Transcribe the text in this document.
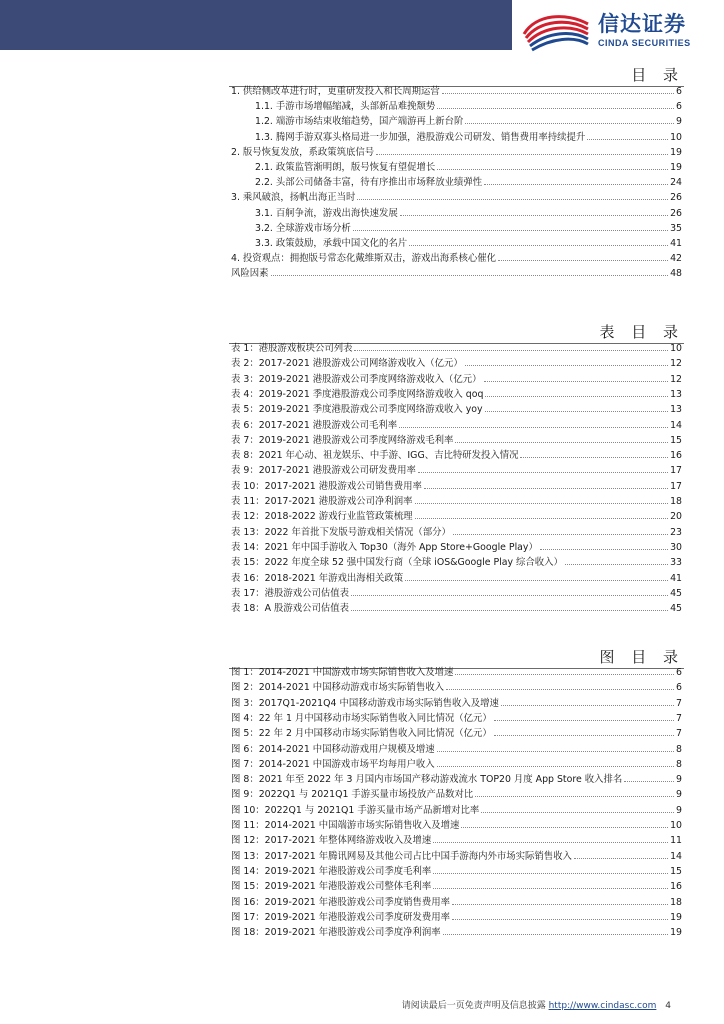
信达证券
CINDA SECURITIES
目 录
1. 供给侧改革进行时，更重研发投入和长周期运营	6
1.1. 手游市场增幅缩减，头部新品难挽颓势	6
1.2. 端游市场结束收缩趋势，国产端游再上新台阶	9
1.3. 腾网手游双寡头格局进一步加强，港股游戏公司研发、销售费用率持续提升	10
2. 版号恢复发放，系政策筑底信号	19
2.1. 政策监管渐明朗，版号恢复有望促增长	19
2.2. 头部公司储备丰富，待有序推出市场释放业绩弹性	24
3. 乘风破浪，扬帆出海正当时	26
3.1. 百舸争流，游戏出海快速发展	26
3.2. 全球游戏市场分析	35
3.3. 政策鼓励，承载中国文化的名片	41
4. 投资观点：拥抱版号常态化戴维斯双击，游戏出海系核心催化	42
风险因素	48
表 目 录
表 1：港股游戏板块公司列表	10
表 2：2017-2021 港股游戏公司网络游戏收入（亿元）	12
表 3：2019-2021 港股游戏公司季度网络游戏收入（亿元）	12
表 4：2019-2021 季度港股游戏公司季度网络游戏收入 qoq	13
表 5：2019-2021 季度港股游戏公司季度网络游戏收入 yoy	13
表 6：2017-2021 港股游戏公司毛利率	14
表 7：2019-2021 港股游戏公司季度网络游戏毛利率	15
表 8：2021 年心动、祖龙娱乐、中手游、IGG、吉比特研发投入情况	16
表 9：2017-2021 港股游戏公司研发费用率	17
表 10：2017-2021 港股游戏公司销售费用率	17
表 11：2017-2021 港股游戏公司净利润率	18
表 12：2018-2022 游戏行业监管政策梳理	20
表 13：2022 年首批下发版号游戏相关情况（部分）	23
表 14：2021 年中国手游收入 Top30（海外 App Store+Google Play）	30
表 15：2022 年度全球 52 强中国发行商（全球 iOS&Google Play 综合收入）	33
表 16：2018-2021 年游戏出海相关政策	41
表 17：港股游戏公司估值表	45
表 18：A 股游戏公司估值表	45
图 目 录
图 1：2014-2021 中国游戏市场实际销售收入及增速	6
图 2：2014-2021 中国移动游戏市场实际销售收入	6
图 3：2017Q1-2021Q4 中国移动游戏市场实际销售收入及增速	7
图 4：22 年 1 月中国移动市场实际销售收入同比情况（亿元）	7
图 5：22 年 2 月中国移动市场实际销售收入同比情况（亿元）	7
图 6：2014-2021 中国移动游戏用户规模及增速	8
图 7：2014-2021 中国游戏市场平均每用户收入	8
图 8：2021 年至 2022 年 3 月国内市场国产移动游戏流水 TOP20 月度 App Store 收入排名	9
图 9：2022Q1 与 2021Q1 手游买量市场投放产品数对比	9
图 10：2022Q1 与 2021Q1 手游买量市场产品新增对比率	9
图 11：2014-2021 中国端游市场实际销售收入及增速	10
图 12：2017-2021 年整体网络游戏收入及增速	11
图 13：2017-2021 年腾讯网易及其他公司占比中国手游海内外市场实际销售收入	14
图 14：2019-2021 年港股游戏公司季度毛利率	15
图 15：2019-2021 年港股游戏公司整体毛利率	16
图 16：2019-2021 年港股游戏公司季度销售费用率	18
图 17：2019-2021 年港股游戏公司季度研发费用率	19
图 18：2019-2021 年港股游戏公司季度净利润率	19
请阅读最后一页免责声明及信息披露 http://www.cindasc.com 4
